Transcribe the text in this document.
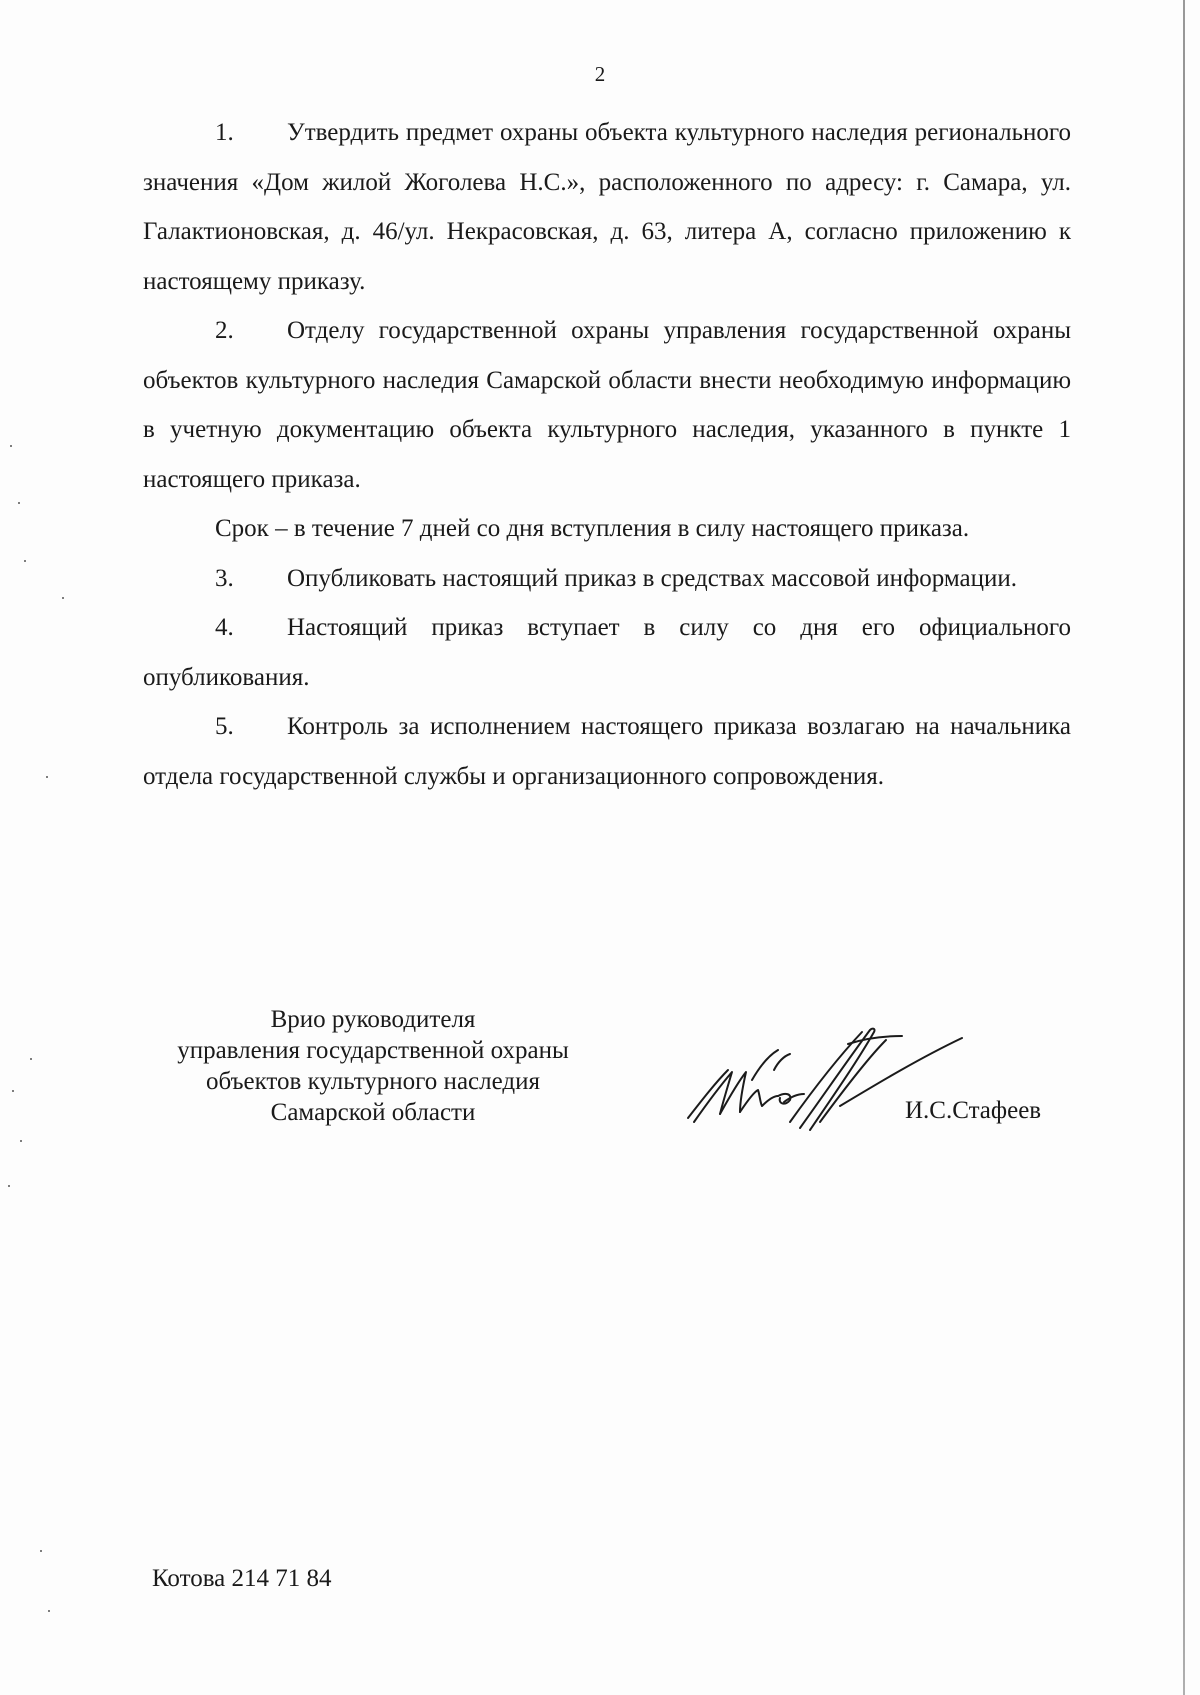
2

1. Утвердить предмет охраны объекта культурного наследия регионального значения «Дом жилой Жоголева Н.С.», расположенного по адресу: г. Самара, ул. Галактионовская, д. 46/ул. Некрасовская, д. 63, литера А, согласно приложению к настоящему приказу.

2. Отделу государственной охраны управления государственной охраны объектов культурного наследия Самарской области внести необходимую информацию в учетную документацию объекта культурного наследия, указанного в пункте 1 настоящего приказа.

Срок – в течение 7 дней со дня вступления в силу настоящего приказа.

3. Опубликовать настоящий приказ в средствах массовой информации.

4. Настоящий приказ вступает в силу со дня его официального опубликования.

5. Контроль за исполнением настоящего приказа возлагаю на начальника отдела государственной службы и организационного сопровождения.

Врио руководителя
управления государственной охраны
объектов культурного наследия
Самарской области	И.С.Стафеев
Котова 214 71 84
